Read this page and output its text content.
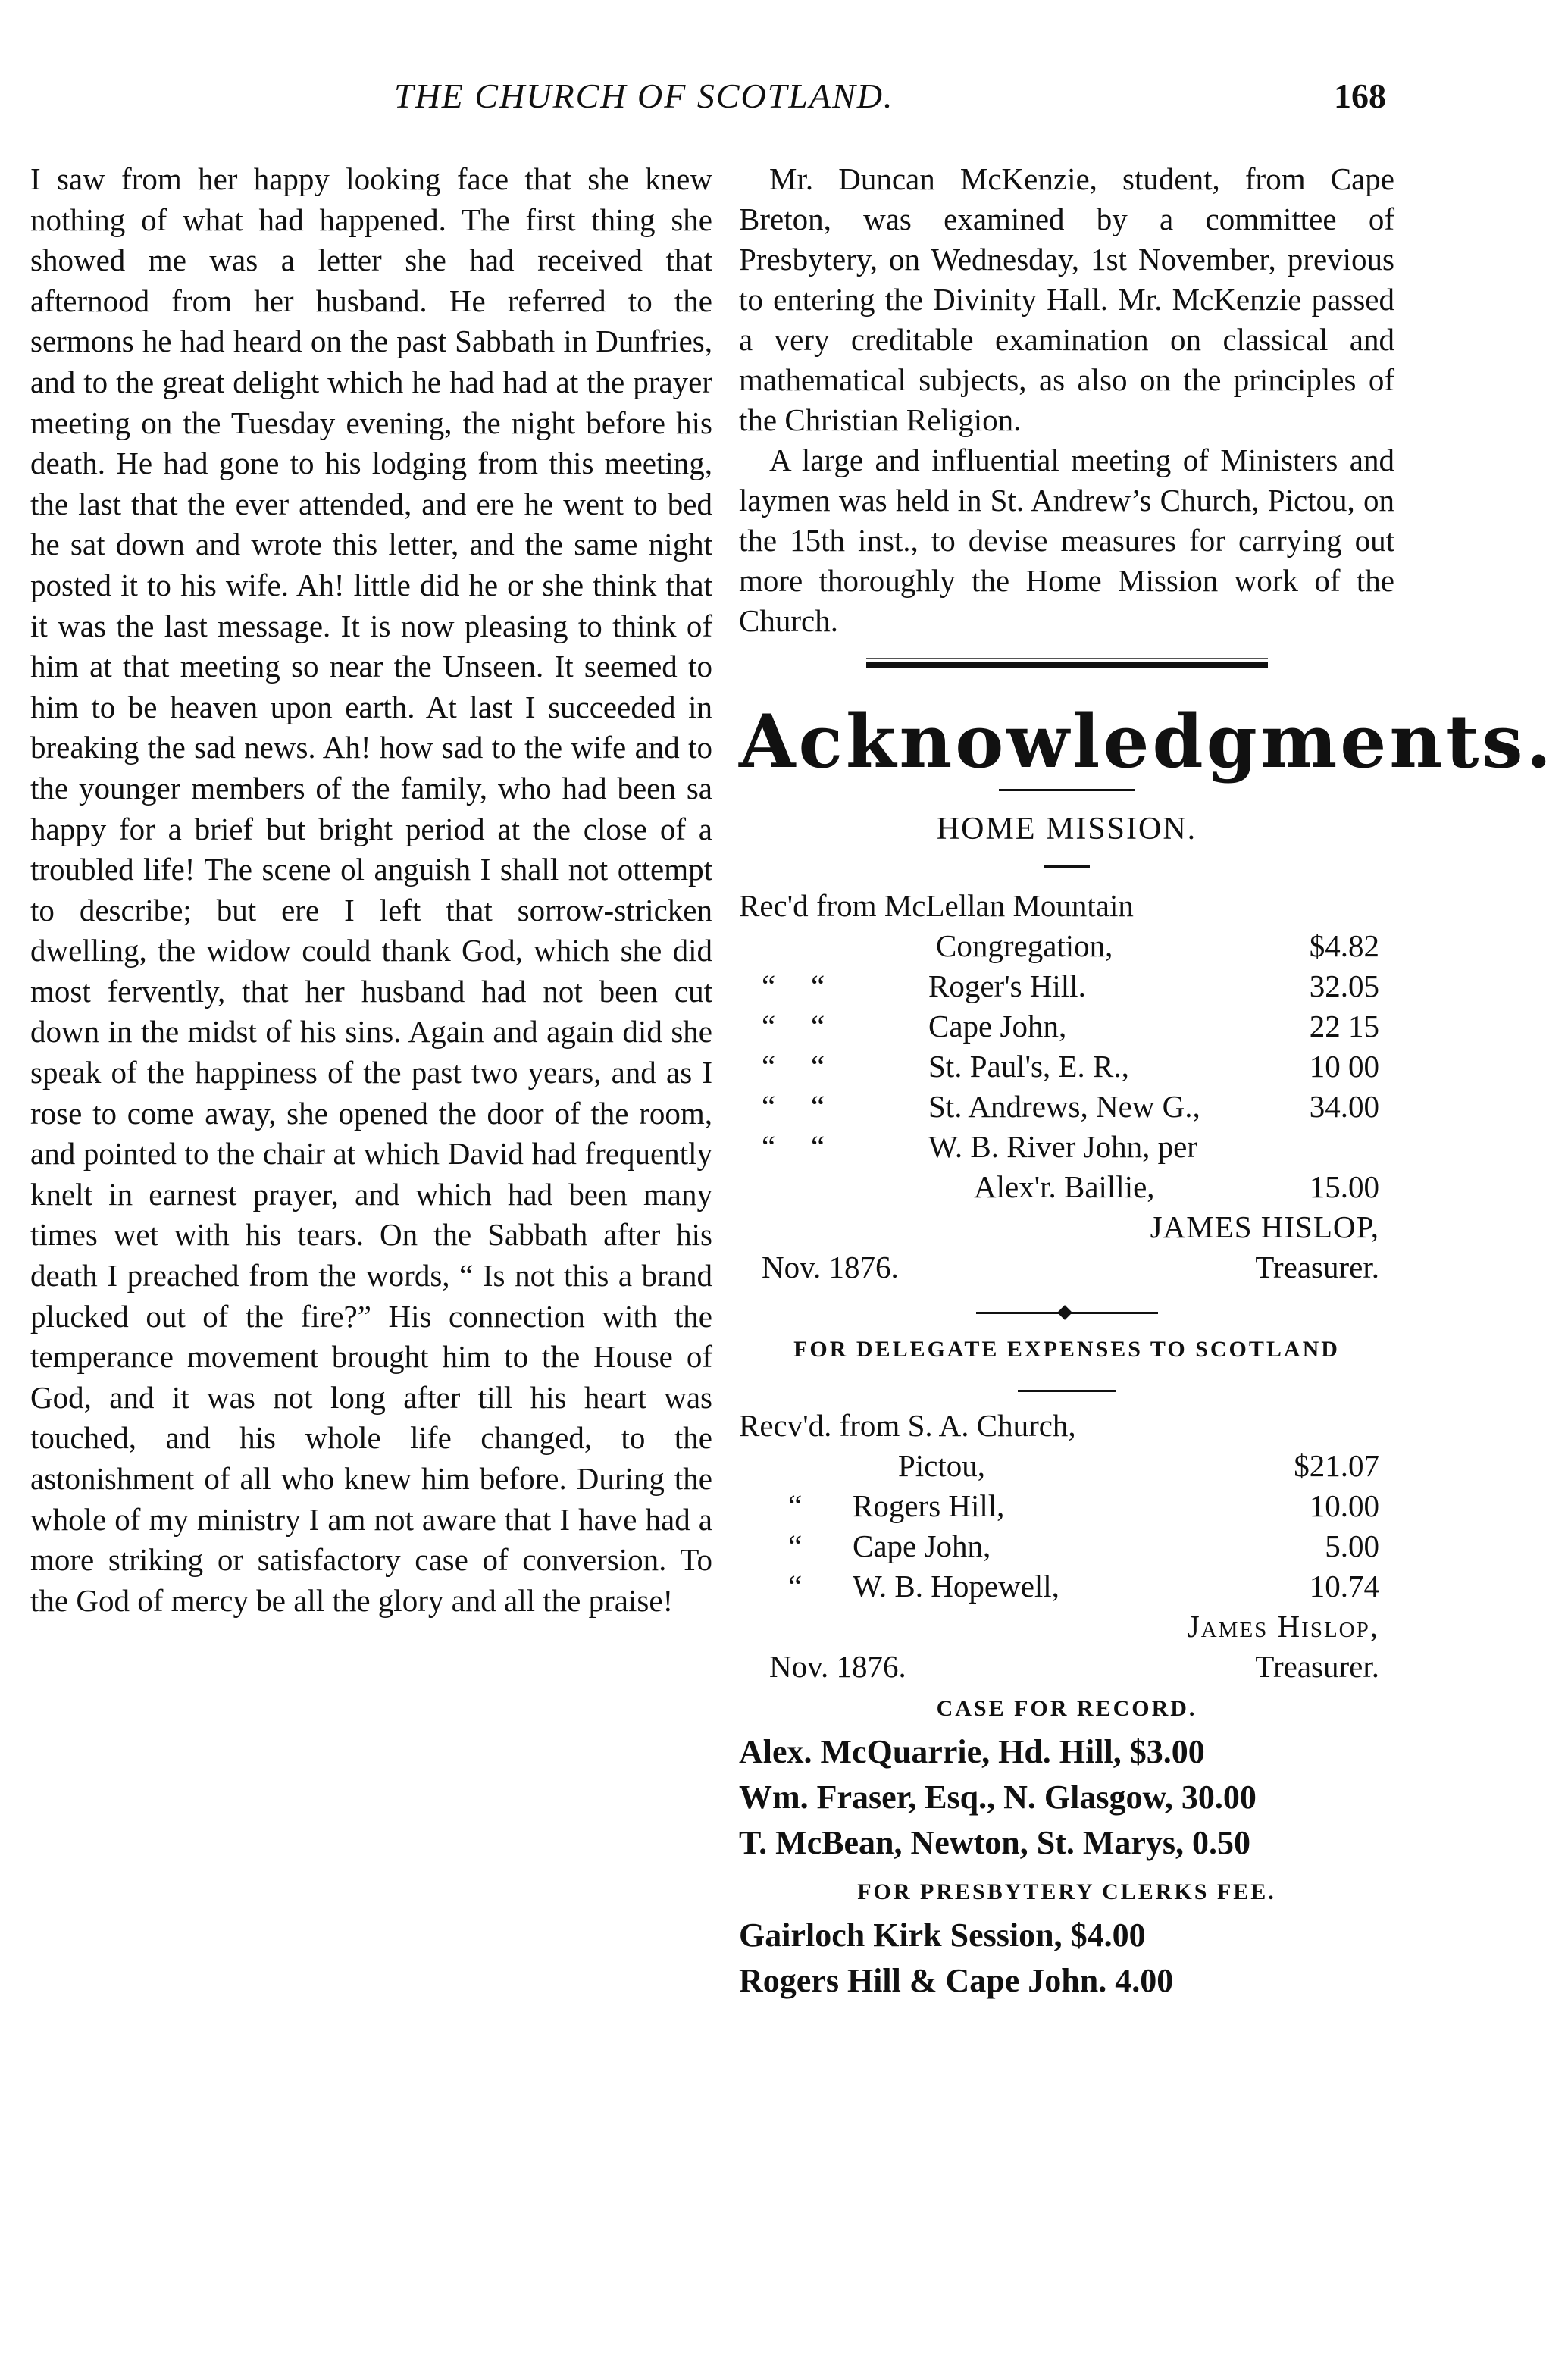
THE CHURCH OF SCOTLAND.	168

I saw from her happy looking face that she knew nothing of what had happened. The first thing she showed me was a letter she had received that afternood from her husband. He referred to the sermons he had heard on the past Sabbath in Dunfries, and to the great delight which he had had at the prayer meeting on the Tuesday evening, the night before his death. He had gone to his lodging from this meeting, the last that the ever attended, and ere he went to bed he sat down and wrote this letter, and the same night posted it to his wife. Ah! little did he or she think that it was the last message. It is now pleasing to think of him at that meeting so near the Unseen. It seemed to him to be heaven upon earth. At last I succeeded in breaking the sad news. Ah! how sad to the wife and to the younger members of the family, who had been sa happy for a brief but bright period at the close of a troubled life! The scene ol anguish I shall not ottempt to describe; but ere I left that sorrow-stricken dwelling, the widow could thank God, which she did most fervently, that her husband had not been cut down in the midst of his sins. Again and again did she speak of the happiness of the past two years, and as I rose to come away, she opened the door of the room, and pointed to the chair at which David had frequently knelt in earnest prayer, and which had been many times wet with his tears. On the Sabbath after his death I preached from the words, “ Is not this a brand plucked out of the fire?” His connection with the temperance movement brought him to the House of God, and it was not long after till his heart was touched, and his whole life changed, to the astonishment of all who knew him before. During the whole of my ministry I am not aware that I have had a more striking or satisfactory case of conversion. To the God of mercy be all the glory and all the praise!

Mr. Duncan McKenzie, student, from Cape Breton, was examined by a committee of Presbytery, on Wednesday, 1st November, previous to entering the Divinity Hall. Mr. McKenzie passed a very creditable examination on classical and mathematical subjects, as also on the principles of the Christian Religion.

A large and influential meeting of Ministers and laymen was held in St. Andrew’s Church, Pictou, on the 15th inst., to devise measures for carrying out more thoroughly the Home Mission work of the Church.

Acknowledgments.
HOME MISSION.
Rec'd from McLellan Mountain
Congregation,	$4.82
“ “	Roger's Hill.	32.05
“ “	Cape John,	22 15
“ “	St. Paul's, E. R.,	10 00
“ “	St. Andrews, New G.,	34.00
“ “	W. B. River John, per
Alex'r. Baillie,	15.00
JAMES HISLOP,
Nov. 1876.	Treasurer.
FOR DELEGATE EXPENSES TO SCOTLAND
Recv'd. from S. A. Church,
Pictou,	$21.07
“ Rogers Hill,	10.00
“ Cape John,	5.00
“ W. B. Hopewell,	10.74
James Hislop,
Nov. 1876.	Treasurer.
CASE FOR RECORD.
Alex. McQuarrie, Hd. Hill, $3.00
Wm. Fraser, Esq., N. Glasgow, 30.00
T. McBean, Newton, St. Marys, 0.50
FOR PRESBYTERY CLERKS FEE.
Gairloch Kirk Session, $4.00
Rogers Hill & Cape John. 4.00
